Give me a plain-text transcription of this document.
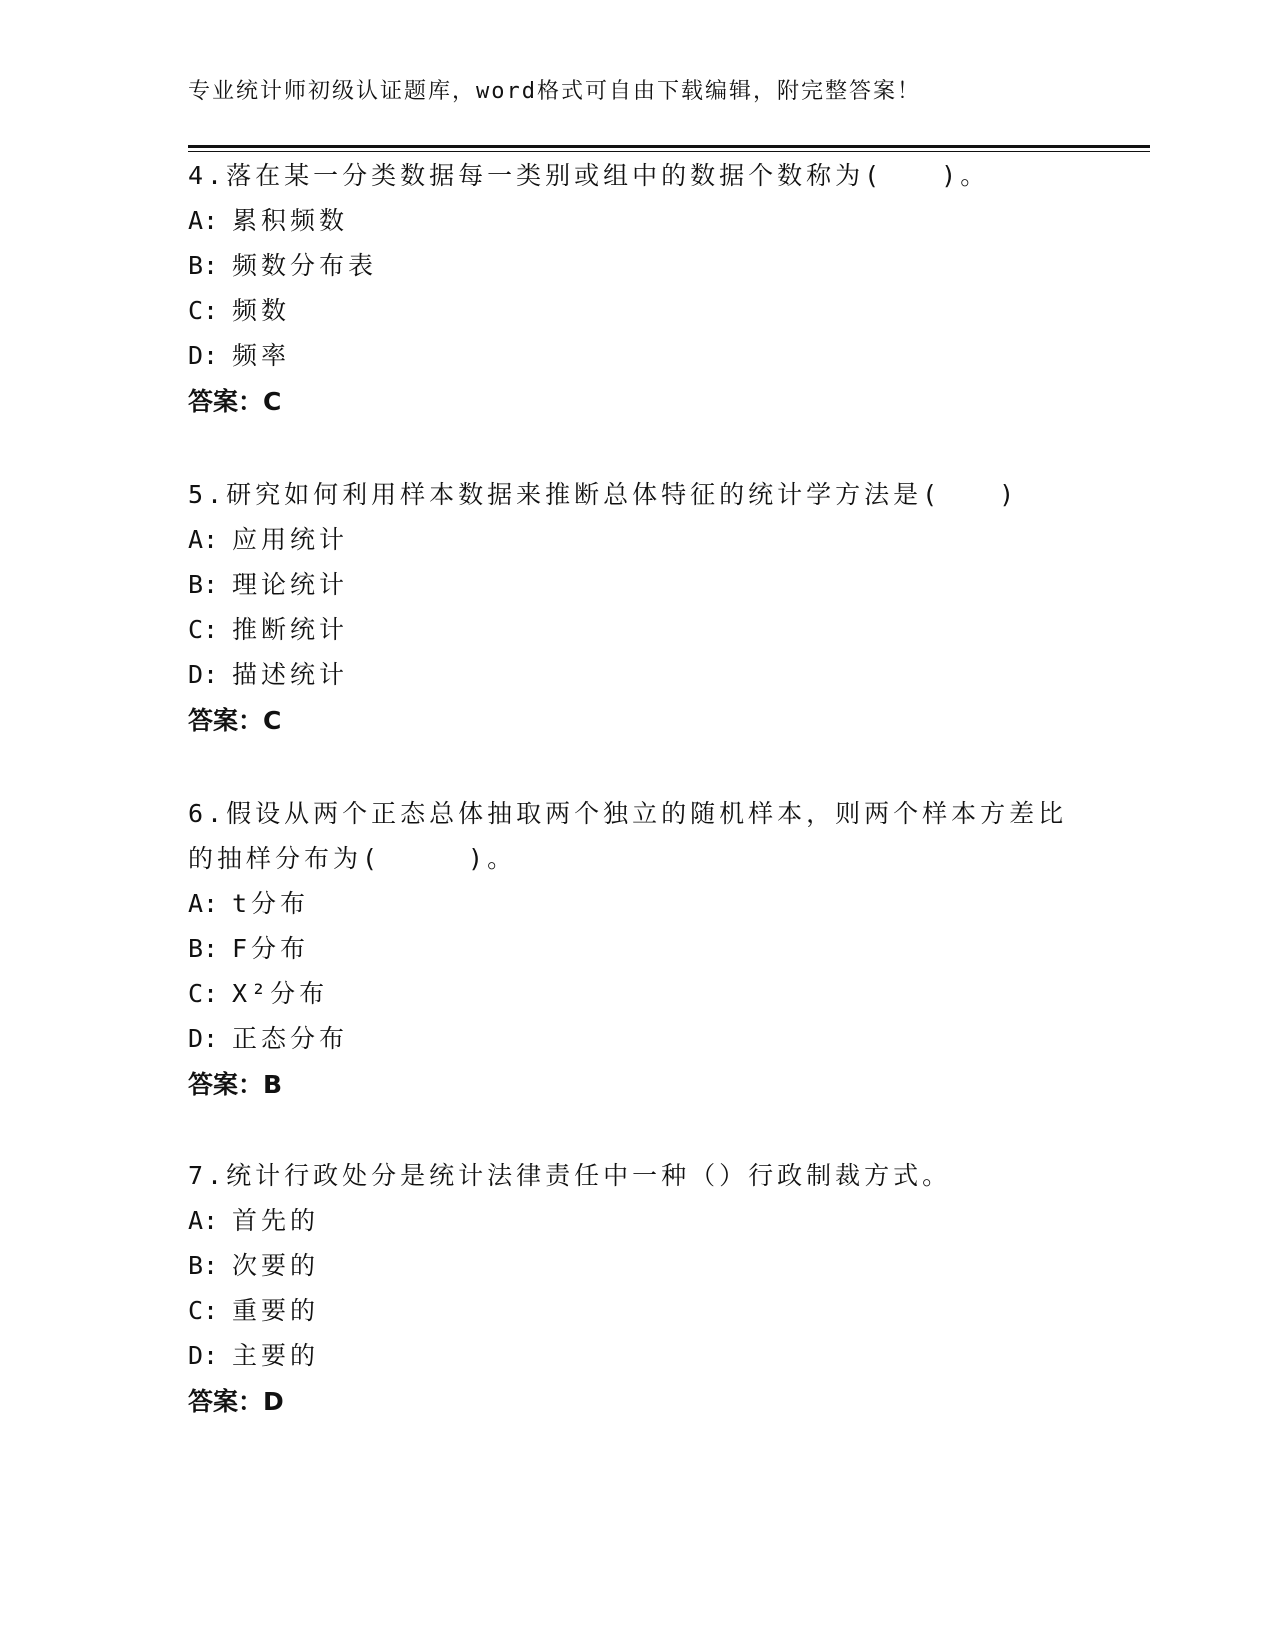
专业统计师初级认证题库，word格式可自由下载编辑，附完整答案！
4.落在某一分类数据每一类别或组中的数据个数称为(　　)。
A: 累积频数
B: 频数分布表
C: 频数
D: 频率
答案：C
5.研究如何利用样本数据来推断总体特征的统计学方法是(　　)
A: 应用统计
B: 理论统计
C: 推断统计
D: 描述统计
答案：C
6.假设从两个正态总体抽取两个独立的随机样本，则两个样本方差比
的抽样分布为(　　　)。
A: t分布
B: F分布
C: X²分布
D: 正态分布
答案：B
7.统计行政处分是统计法律责任中一种（）行政制裁方式。
A: 首先的
B: 次要的
C: 重要的
D: 主要的
答案：D
